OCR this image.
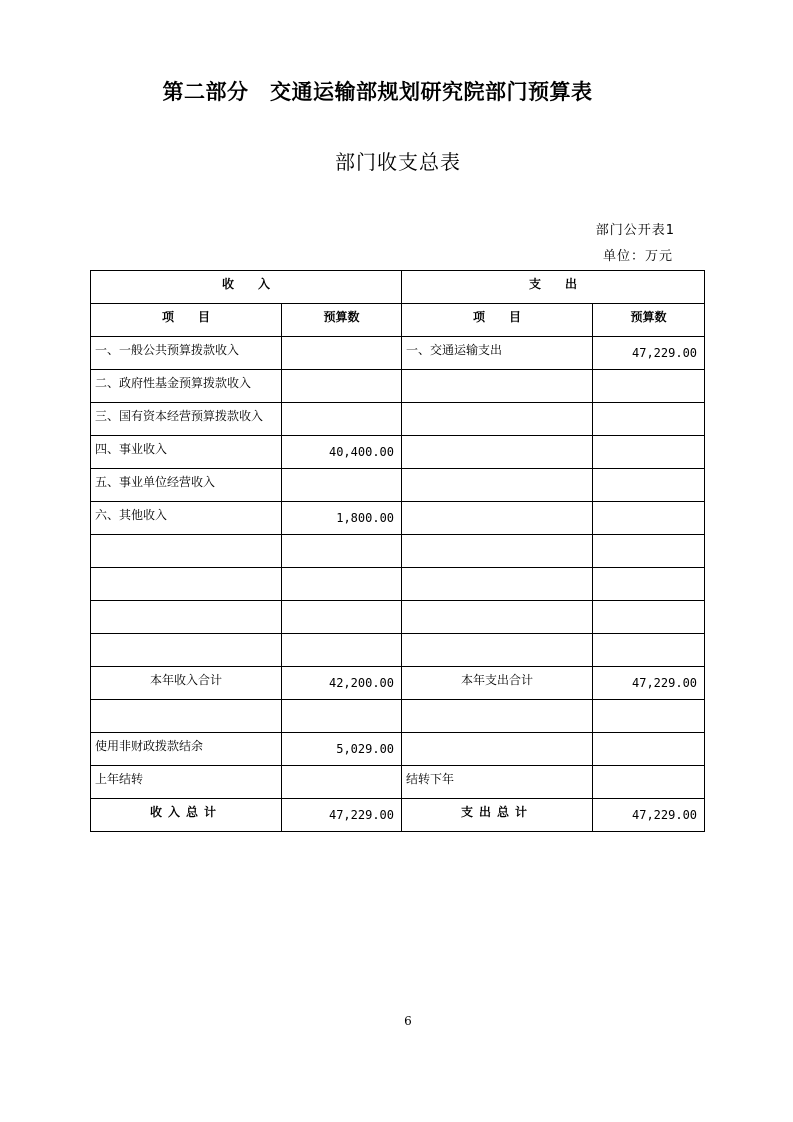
第二部分　交通运输部规划研究院部门预算表
部门收支总表
部门公开表1
单位：万元
收　　入		支　　出	
项　　目	预算数	项　　目	预算数
一、一般公共预算拨款收入		一、交通运输支出	47,229.00
二、政府性基金预算拨款收入			
三、国有资本经营预算拨款收入			
四、事业收入	40,400.00		
五、事业单位经营收入			
六、其他收入	1,800.00		

本年收入合计	42,200.00	本年支出合计	47,229.00

使用非财政拨款结余	5,029.00		
上年结转		结转下年	
收入总计	47,229.00	支出总计	47,229.00
6
